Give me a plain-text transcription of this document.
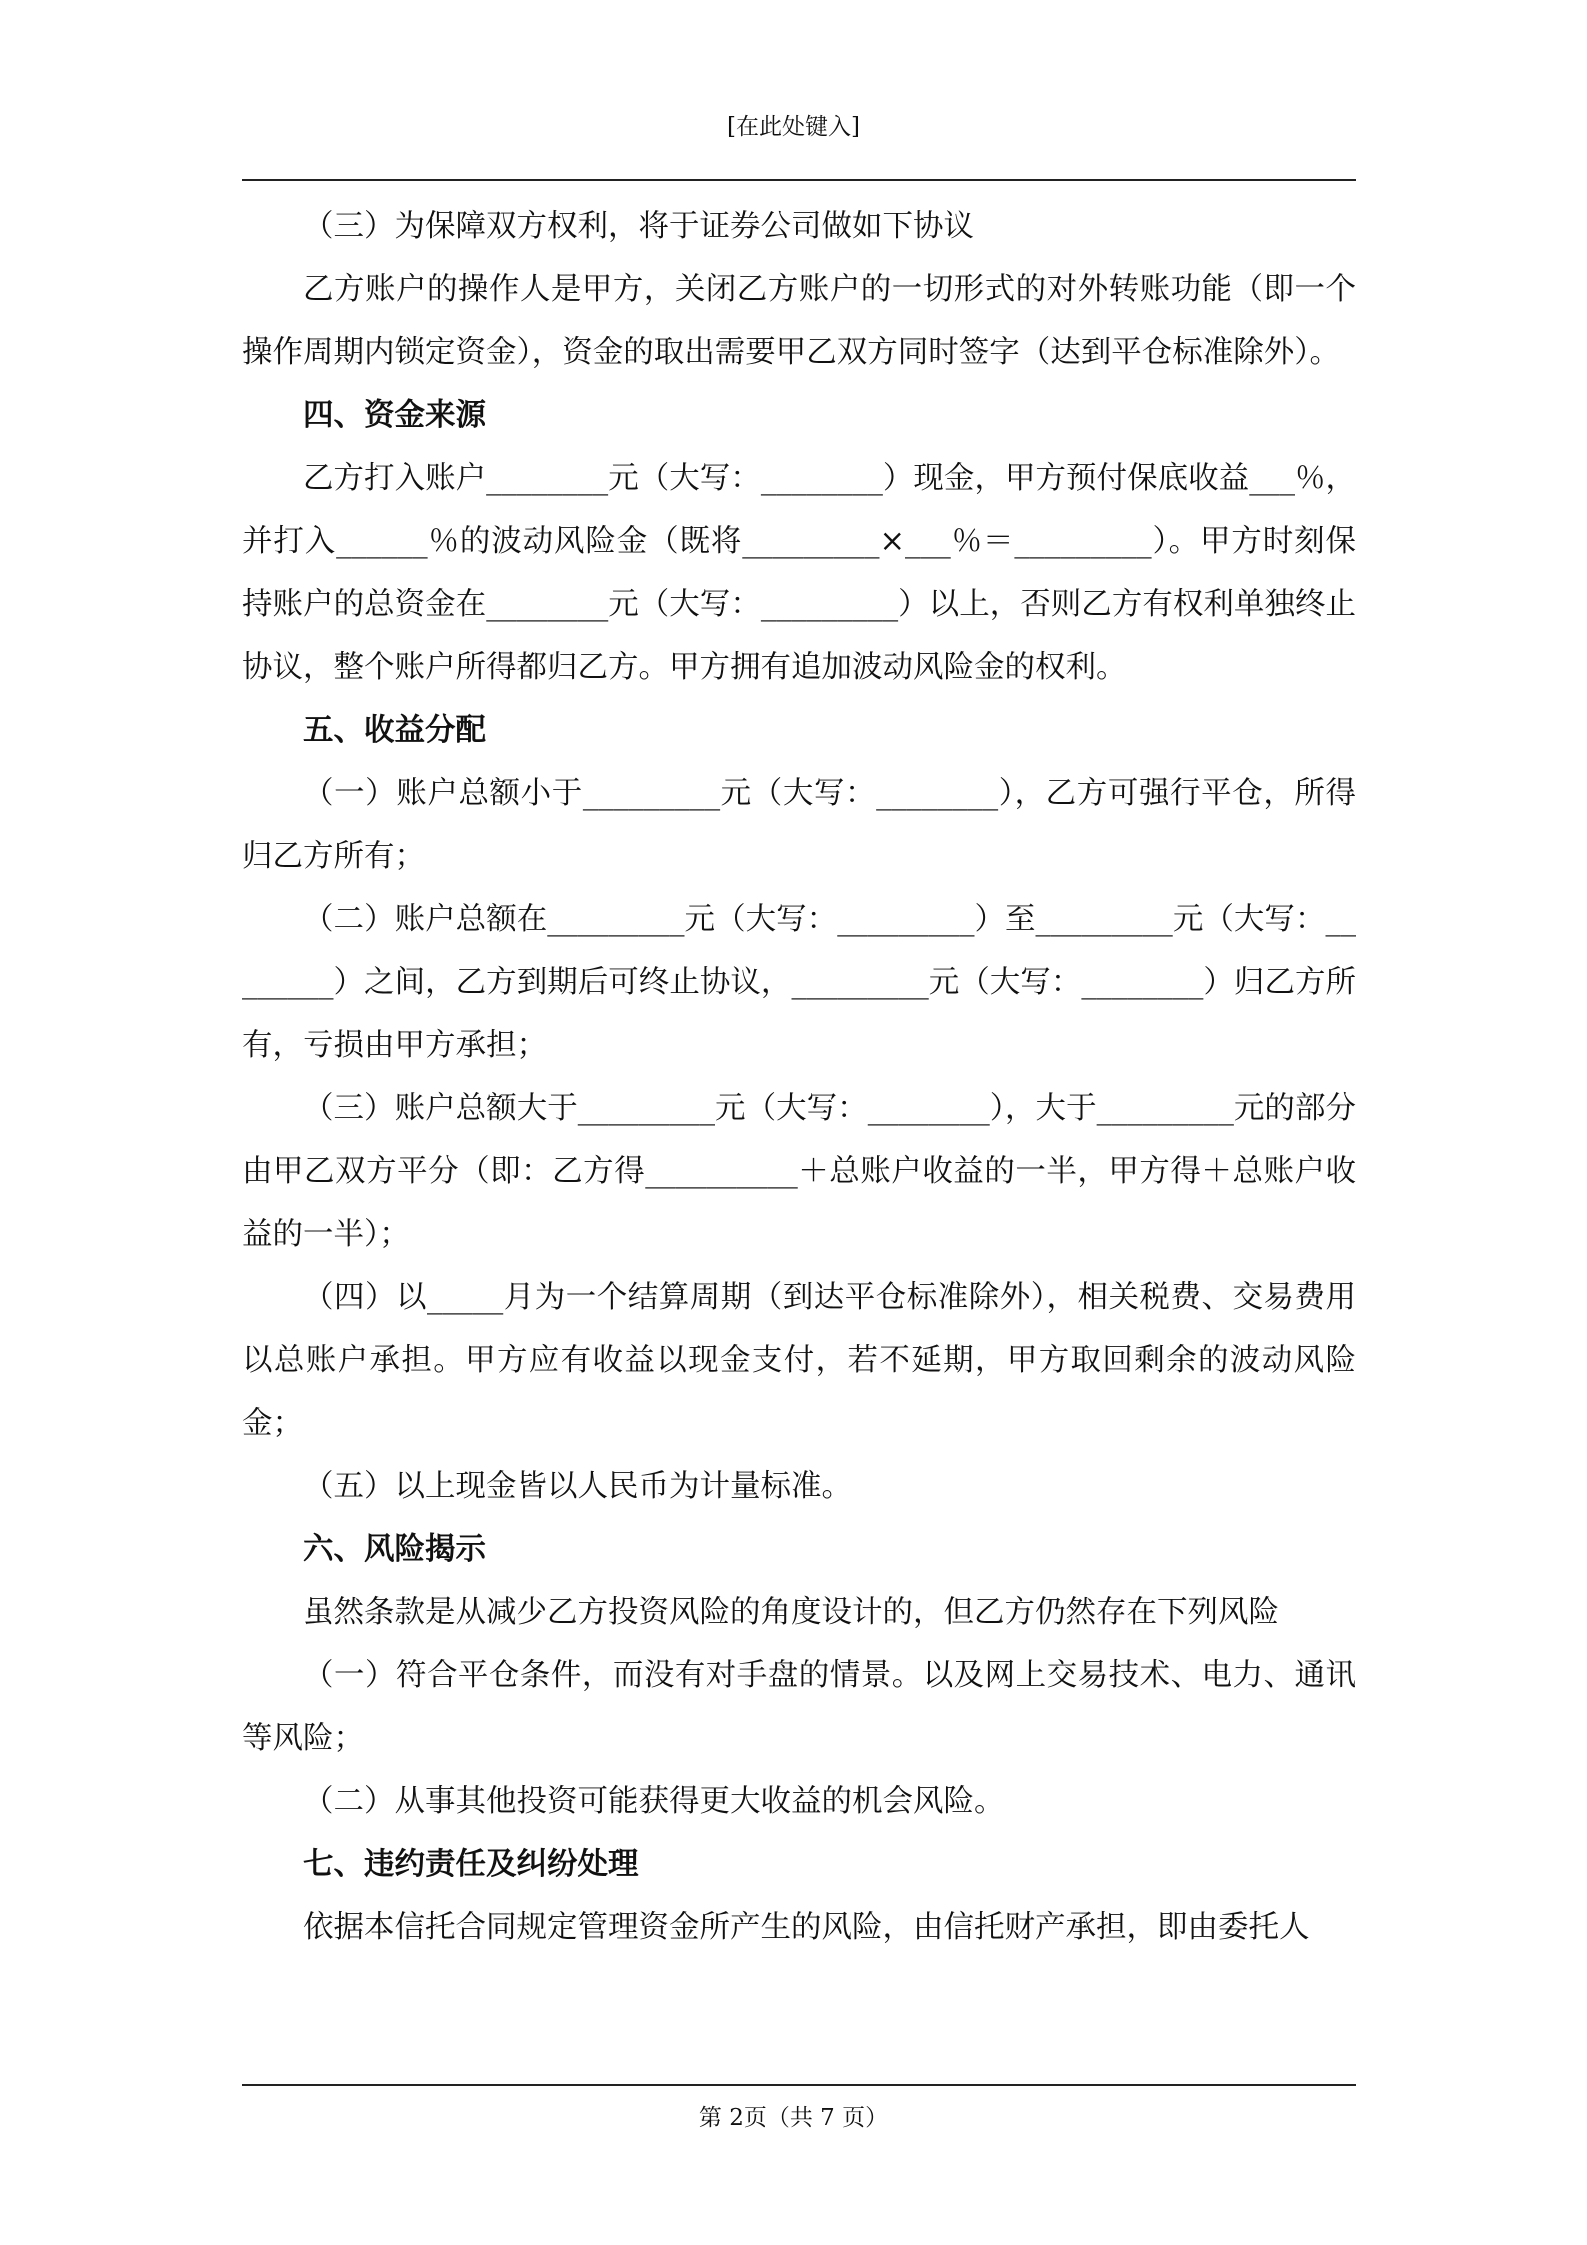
[在此处键入]

（三）为保障双方权利，将于证券公司做如下协议

乙方账户的操作人是甲方，关闭乙方账户的一切形式的对外转账功能（即一个操作周期内锁定资金），资金的取出需要甲乙双方同时签字（达到平仓标准除外）。

四、资金来源

乙方打入账户________元（大写：________）现金，甲方预付保底收益___％，并打入______％的波动风险金（既将_________×___％＝_________）。甲方时刻保持账户的总资金在________元（大写：_________）以上，否则乙方有权利单独终止协议，整个账户所得都归乙方。甲方拥有追加波动风险金的权利。

五、收益分配

（一）账户总额小于_________元（大写：________），乙方可强行平仓，所得归乙方所有；

（二）账户总额在_________元（大写：_________）至_________元（大写：________）之间，乙方到期后可终止协议，_________元（大写：________）归乙方所有，亏损由甲方承担；

（三）账户总额大于_________元（大写：________），大于_________元的部分由甲乙双方平分（即：乙方得__________＋总账户收益的一半，甲方得＋总账户收益的一半）；

（四）以_____月为一个结算周期（到达平仓标准除外），相关税费、交易费用以总账户承担。甲方应有收益以现金支付，若不延期，甲方取回剩余的波动风险金；

（五）以上现金皆以人民币为计量标准。

六、风险揭示

虽然条款是从减少乙方投资风险的角度设计的，但乙方仍然存在下列风险

（一）符合平仓条件，而没有对手盘的情景。以及网上交易技术、电力、通讯等风险；

（二）从事其他投资可能获得更大收益的机会风险。

七、违约责任及纠纷处理

依据本信托合同规定管理资金所产生的风险，由信托财产承担，即由委托人

第 2页（共 7 页）
